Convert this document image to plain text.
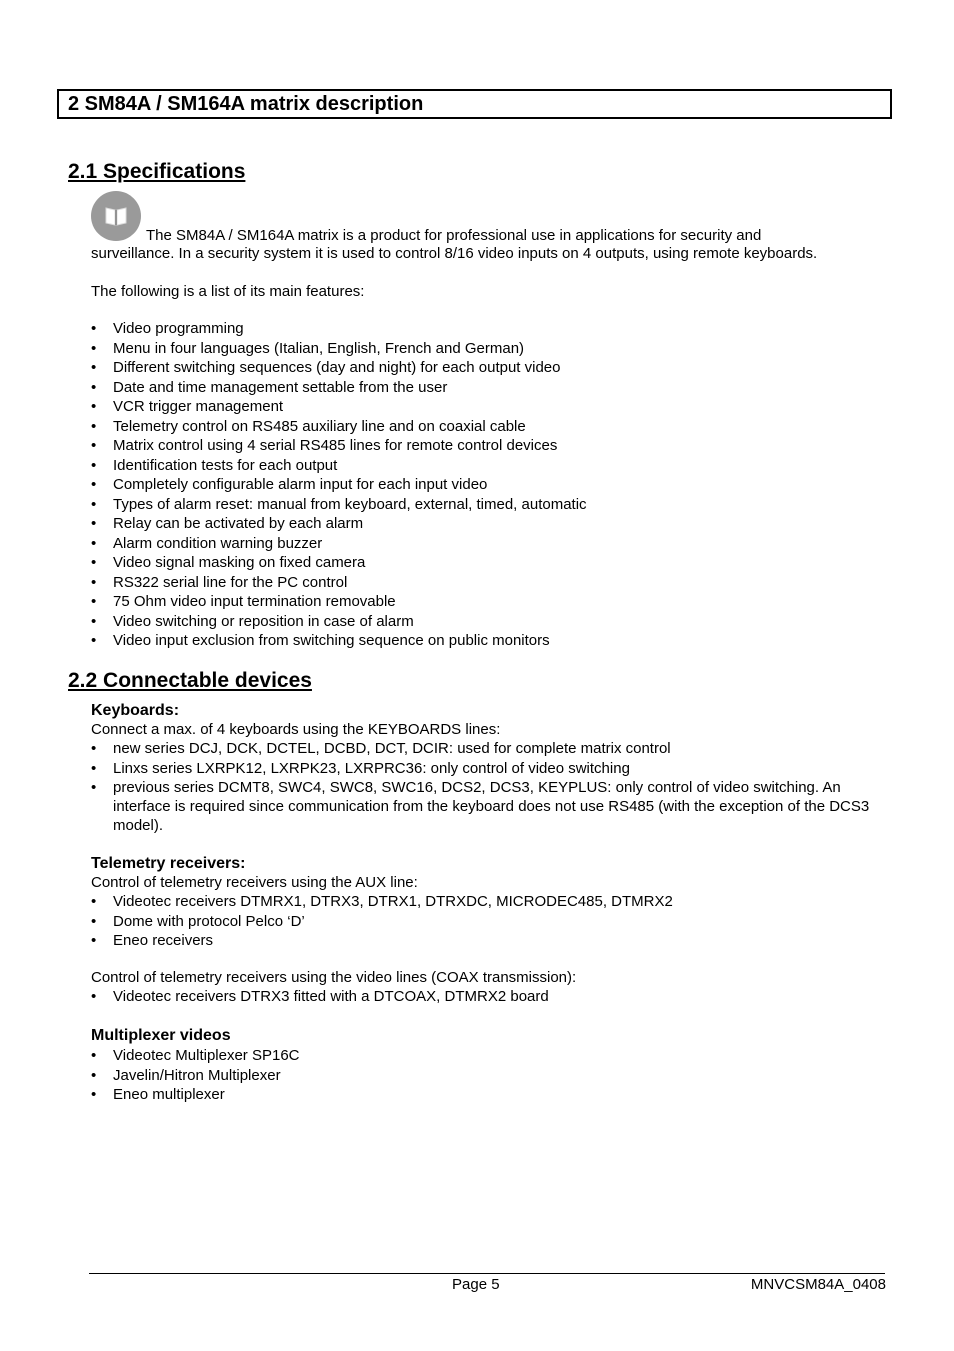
2 SM84A / SM164A matrix description
2.1 Specifications
The SM84A / SM164A matrix is a product for professional use in applications for security and
surveillance. In a security system it is used to control 8/16 video inputs on 4 outputs, using remote keyboards.

The following is a list of its main features:

• Video programming
• Menu in four languages (Italian, English, French and German)
• Different switching sequences (day and night) for each output video
• Date and time management settable from the user
• VCR trigger management
• Telemetry control on RS485 auxiliary line and on coaxial cable
• Matrix control using 4 serial RS485 lines for remote control devices
• Identification tests for each output
• Completely configurable alarm input for each input video
• Types of alarm reset: manual from keyboard, external, timed, automatic
• Relay can be activated by each alarm
• Alarm condition warning buzzer
• Video signal masking on fixed camera
• RS322 serial line for the PC control
• 75 Ohm video input termination removable
• Video switching or reposition in case of alarm
• Video input exclusion from switching sequence on public monitors
2.2 Connectable devices

Keyboards:

Connect a max. of 4 keyboards using the KEYBOARDS lines:

• new series DCJ, DCK, DCTEL, DCBD, DCT, DCIR: used for complete matrix control
• Linxs series LXRPK12, LXRPK23, LXRPRC36: only control of video switching
• previous series DCMT8, SWC4, SWC8, SWC16, DCS2, DCS3, KEYPLUS: only control of video switching. An interface is required since communication from the keyboard does not use RS485 (with the exception of the DCS3 model).

Telemetry receivers:

Control of telemetry receivers using the AUX line:

• Videotec receivers DTMRX1, DTRX3, DTRX1, DTRXDC, MICRODEC485, DTMRX2
• Dome with protocol Pelco ‘D’
• Eneo receivers

Control of telemetry receivers using the video lines (COAX transmission):

• Videotec receivers DTRX3 fitted with a DTCOAX, DTMRX2 board

Multiplexer videos

• Videotec Multiplexer SP16C
• Javelin/Hitron Multiplexer
• Eneo multiplexer
Page 5	MNVCSM84A_0408
